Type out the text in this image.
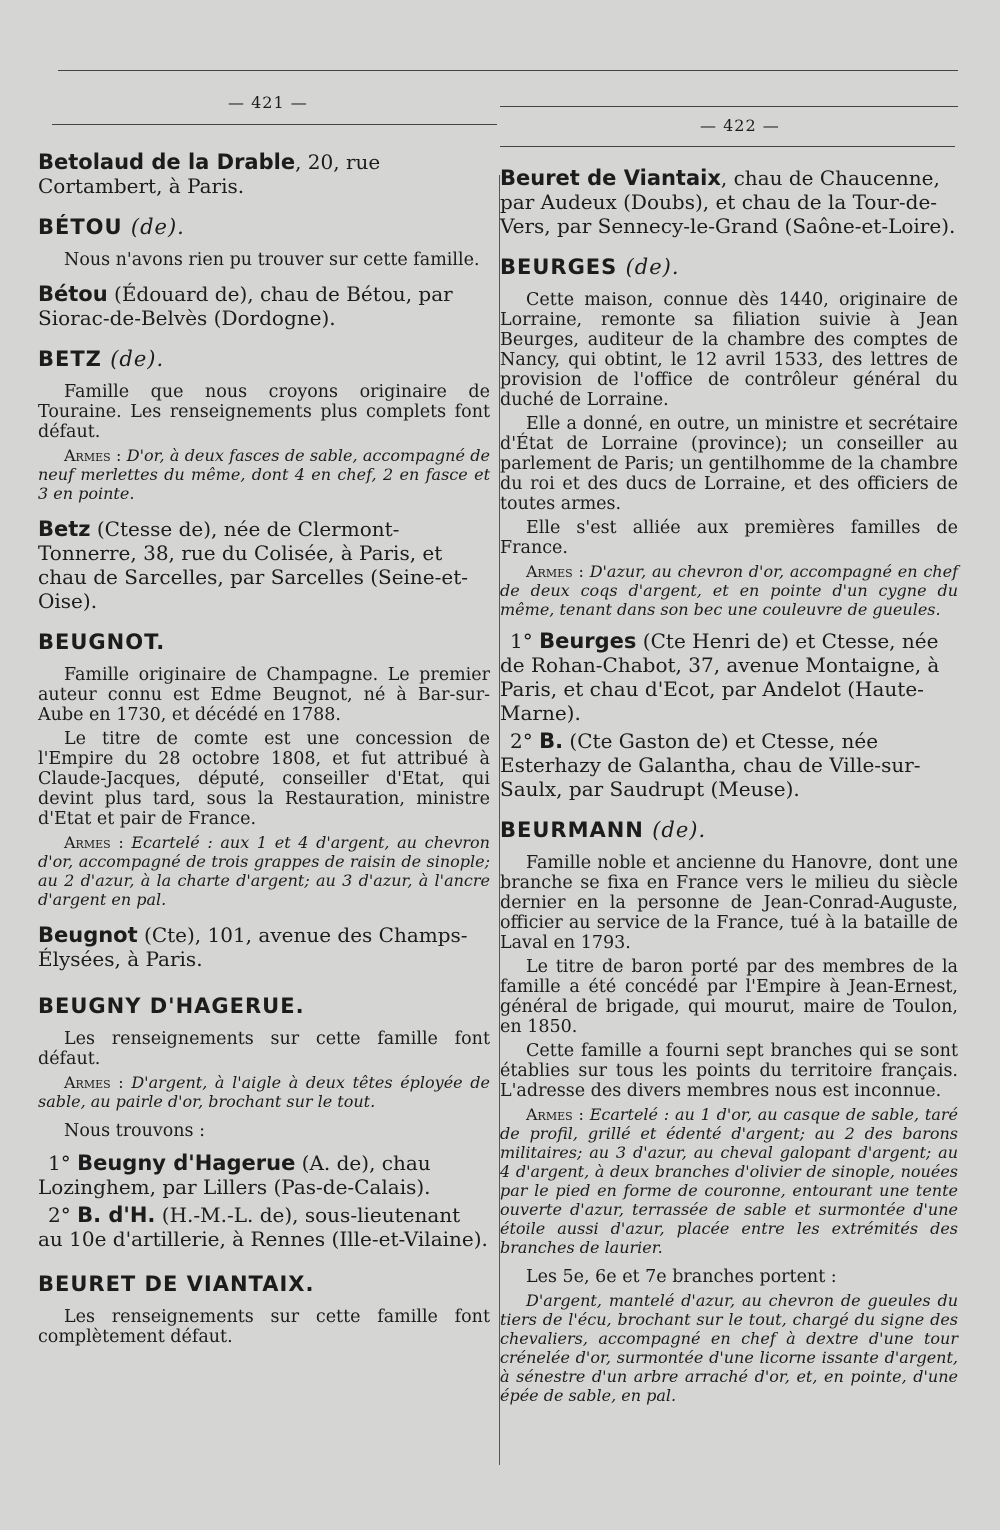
— 421 —
— 422 —
Betolaud de la Drable, 20, rue Cortambert, à Paris.
BÉTOU (de).

Nous n'avons rien pu trouver sur cette famille.

Bétou (Édouard de), chau de Bétou, par Siorac-de-Belvès (Dordogne).
BETZ (de).

Famille que nous croyons originaire de Touraine. Les renseignements plus complets font défaut.

Armes : D'or, à deux fasces de sable, accompagné de neuf merlettes du même, dont 4 en chef, 2 en fasce et 3 en pointe.

Betz (Ctesse de), née de Clermont-Tonnerre, 38, rue du Colisée, à Paris, et chau de Sarcelles, par Sarcelles (Seine-et-Oise).
BEUGNOT.

Famille originaire de Champagne. Le premier auteur connu est Edme Beugnot, né à Bar-sur-Aube en 1730, et décédé en 1788.

Le titre de comte est une concession de l'Empire du 28 octobre 1808, et fut attribué à Claude-Jacques, député, conseiller d'Etat, qui devint plus tard, sous la Restauration, ministre d'Etat et pair de France.

Armes : Ecartelé : aux 1 et 4 d'argent, au chevron d'or, accompagné de trois grappes de raisin de sinople; au 2 d'azur, à la charte d'argent; au 3 d'azur, à l'ancre d'argent en pal.

Beugnot (Cte), 101, avenue des Champs-Élysées, à Paris.
BEUGNY D'HAGERUE.

Les renseignements sur cette famille font défaut.

Armes : D'argent, à l'aigle à deux têtes éployée de sable, au pairle d'or, brochant sur le tout.

Nous trouvons :

1° Beugny d'Hagerue (A. de), chau Lozinghem, par Lillers (Pas-de-Calais).
2° B. d'H. (H.-M.-L. de), sous-lieutenant au 10e d'artillerie, à Rennes (Ille-et-Vilaine).
BEURET DE VIANTAIX.

Les renseignements sur cette famille font complètement défaut.

Beuret de Viantaix, chau de Chaucenne, par Audeux (Doubs), et chau de la Tour-de-Vers, par Sennecy-le-Grand (Saône-et-Loire).
BEURGES (de).

Cette maison, connue dès 1440, originaire de Lorraine, remonte sa filiation suivie à Jean Beurges, auditeur de la chambre des comptes de Nancy, qui obtint, le 12 avril 1533, des lettres de provision de l'office de contrôleur général du duché de Lorraine.

Elle a donné, en outre, un ministre et secrétaire d'État de Lorraine (province); un conseiller au parlement de Paris; un gentilhomme de la chambre du roi et des ducs de Lorraine, et des officiers de toutes armes.

Elle s'est alliée aux premières familles de France.

Armes : D'azur, au chevron d'or, accompagné en chef de deux coqs d'argent, et en pointe d'un cygne du même, tenant dans son bec une couleuvre de gueules.

1° Beurges (Cte Henri de) et Ctesse, née de Rohan-Chabot, 37, avenue Montaigne, à Paris, et chau d'Ecot, par Andelot (Haute-Marne).
2° B. (Cte Gaston de) et Ctesse, née Esterhazy de Galantha, chau de Ville-sur-Saulx, par Saudrupt (Meuse).
BEURMANN (de).

Famille noble et ancienne du Hanovre, dont une branche se fixa en France vers le milieu du siècle dernier en la personne de Jean-Conrad-Auguste, officier au service de la France, tué à la bataille de Laval en 1793.

Le titre de baron porté par des membres de la famille a été concédé par l'Empire à Jean-Ernest, général de brigade, qui mourut, maire de Toulon, en 1850.

Cette famille a fourni sept branches qui se sont établies sur tous les points du territoire français. L'adresse des divers membres nous est inconnue.

Armes : Ecartelé : au 1 d'or, au casque de sable, taré de profil, grillé et édenté d'argent; au 2 des barons militaires; au 3 d'azur, au cheval galopant d'argent; au 4 d'argent, à deux branches d'olivier de sinople, nouées par le pied en forme de couronne, entourant une tente ouverte d'azur, terrassée de sable et surmontée d'une étoile aussi d'azur, placée entre les extrémités des branches de laurier.

Les 5e, 6e et 7e branches portent :

D'argent, mantelé d'azur, au chevron de gueules du tiers de l'écu, brochant sur le tout, chargé du signe des chevaliers, accompagné en chef à dextre d'une tour crénelée d'or, surmontée d'une licorne issante d'argent, à sénestre d'un arbre arraché d'or, et, en pointe, d'une épée de sable, en pal.
